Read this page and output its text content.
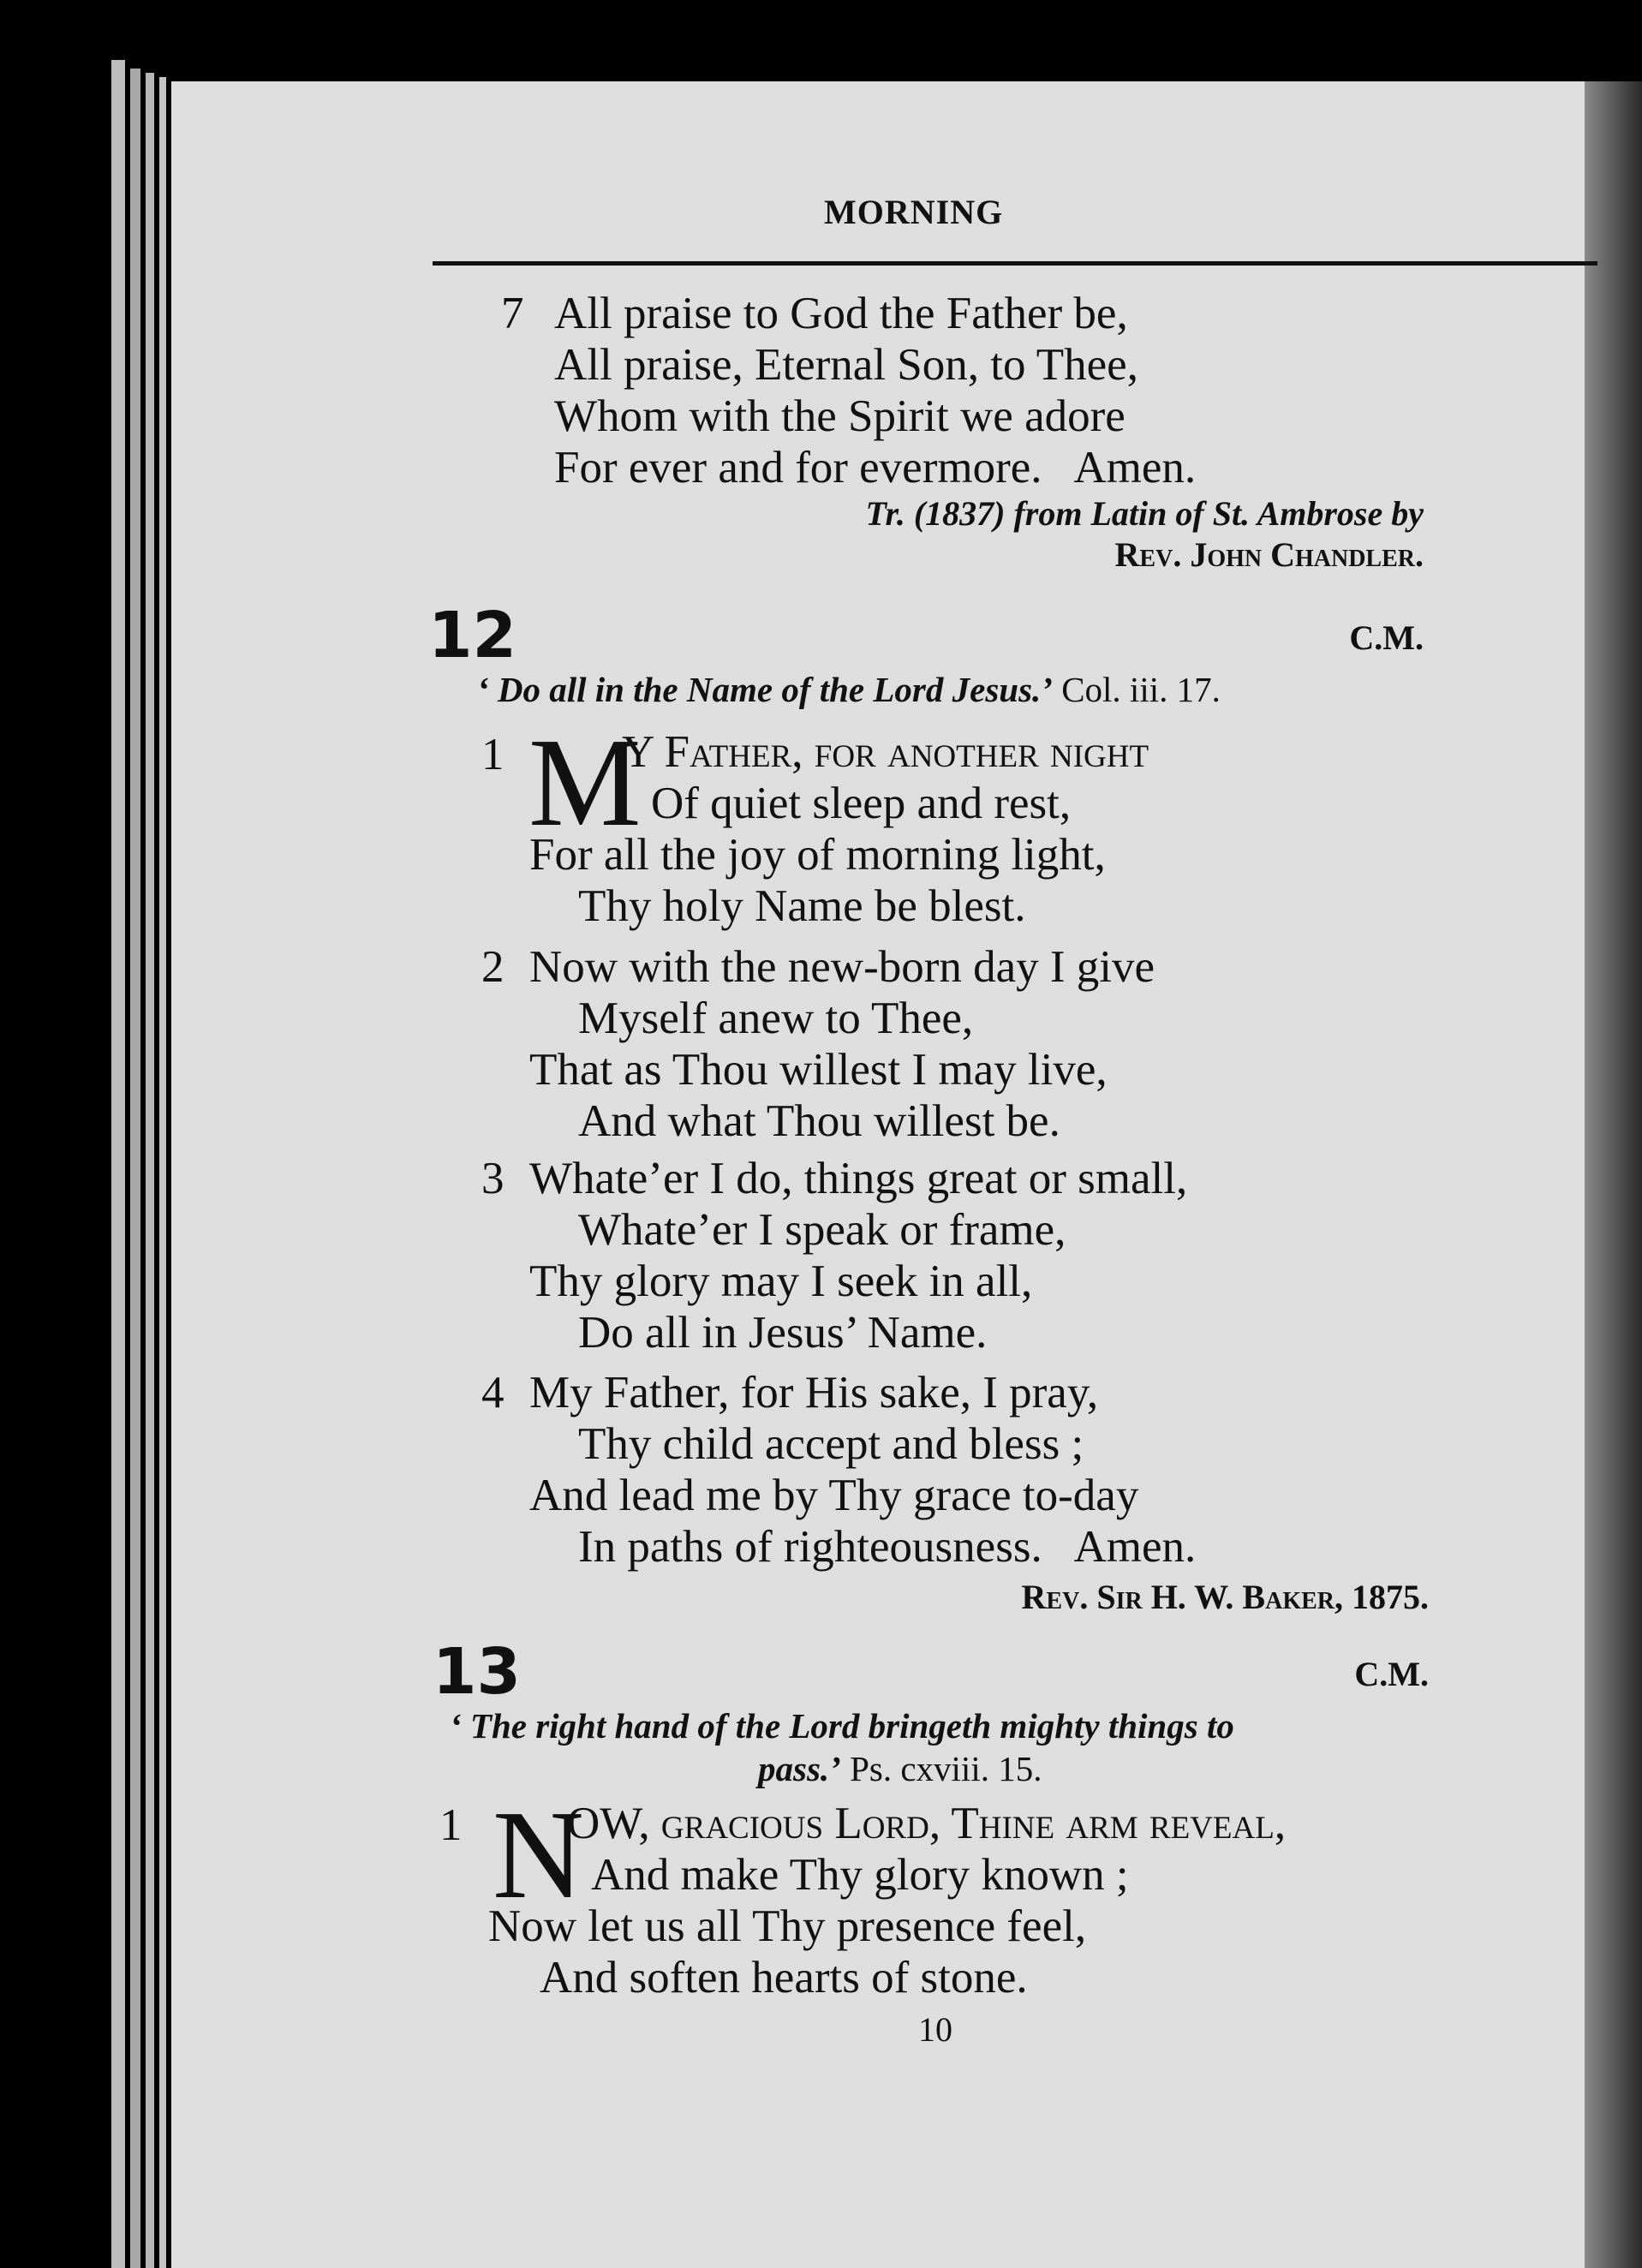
MORNING
7 All praise to God the Father be,
All praise, Eternal Son, to Thee,
Whom with the Spirit we adore
For ever and for evermore.   Amen.
Tr. (1837) from Latin of St. Ambrose by
Rev. John Chandler.
12	C.M.
‘ Do all in the Name of the Lord Jesus.’ Col. iii. 17.
1 M
Y Father, for another night
Of quiet sleep and rest,
For all the joy of morning light,
Thy holy Name be blest.
2 Now with the new-born day I give
Myself anew to Thee,
That as Thou willest I may live,
And what Thou willest be.
3 Whate’er I do, things great or small,
Whate’er I speak or frame,
Thy glory may I seek in all,
Do all in Jesus’ Name.
4 My Father, for His sake, I pray,
Thy child accept and bless ;
And lead me by Thy grace to-day
In paths of righteousness.   Amen.
Rev. Sir H. W. Baker, 1875.
13	C.M.
‘ The right hand of the Lord bringeth mighty things to
pass.’ Ps. cxviii. 15.
1 N
OW, gracious Lord, Thine arm reveal,
And make Thy glory known ;
Now let us all Thy presence feel,
And soften hearts of stone.
10
